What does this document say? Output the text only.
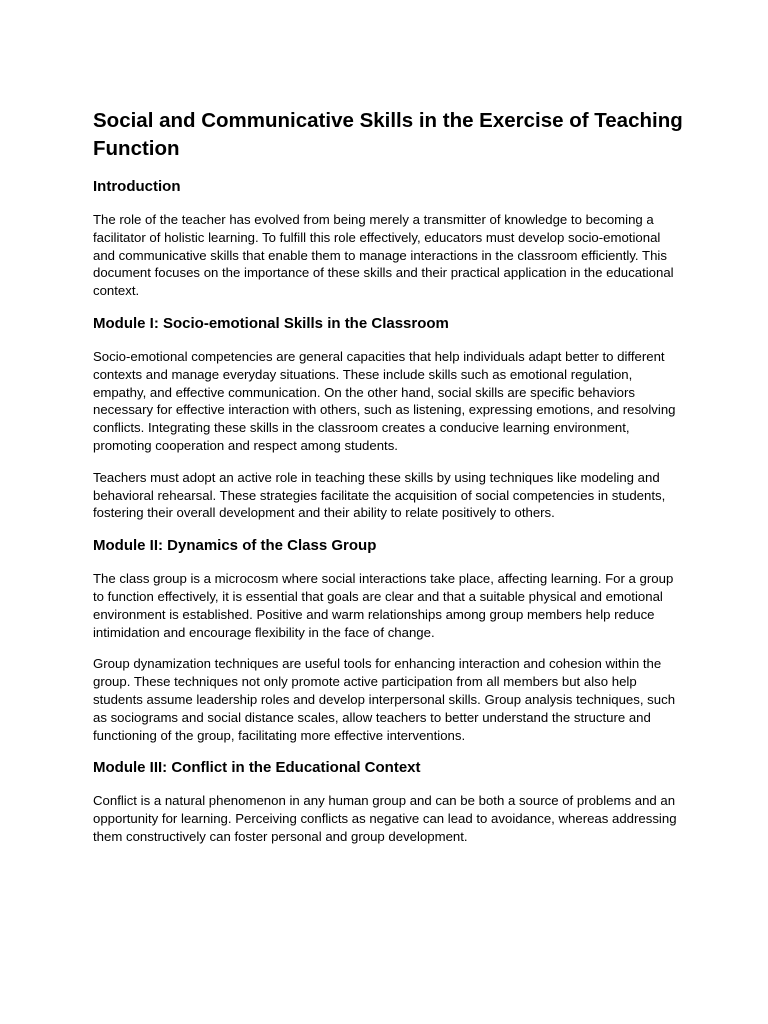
Social and Communicative Skills in the Exercise of Teaching Function
Introduction

The role of the teacher has evolved from being merely a transmitter of knowledge to becoming a facilitator of holistic learning. To fulfill this role effectively, educators must develop socio-emotional and communicative skills that enable them to manage interactions in the classroom efficiently. This document focuses on the importance of these skills and their practical application in the educational context.

Module I: Socio-emotional Skills in the Classroom

Socio-emotional competencies are general capacities that help individuals adapt better to different contexts and manage everyday situations. These include skills such as emotional regulation, empathy, and effective communication. On the other hand, social skills are specific behaviors necessary for effective interaction with others, such as listening, expressing emotions, and resolving conflicts. Integrating these skills in the classroom creates a conducive learning environment, promoting cooperation and respect among students.

Teachers must adopt an active role in teaching these skills by using techniques like modeling and behavioral rehearsal. These strategies facilitate the acquisition of social competencies in students, fostering their overall development and their ability to relate positively to others.

Module II: Dynamics of the Class Group

The class group is a microcosm where social interactions take place, affecting learning. For a group to function effectively, it is essential that goals are clear and that a suitable physical and emotional environment is established. Positive and warm relationships among group members help reduce intimidation and encourage flexibility in the face of change.

Group dynamization techniques are useful tools for enhancing interaction and cohesion within the group. These techniques not only promote active participation from all members but also help students assume leadership roles and develop interpersonal skills. Group analysis techniques, such as sociograms and social distance scales, allow teachers to better understand the structure and functioning of the group, facilitating more effective interventions.

Module III: Conflict in the Educational Context

Conflict is a natural phenomenon in any human group and can be both a source of problems and an opportunity for learning. Perceiving conflicts as negative can lead to avoidance, whereas addressing them constructively can foster personal and group development.
